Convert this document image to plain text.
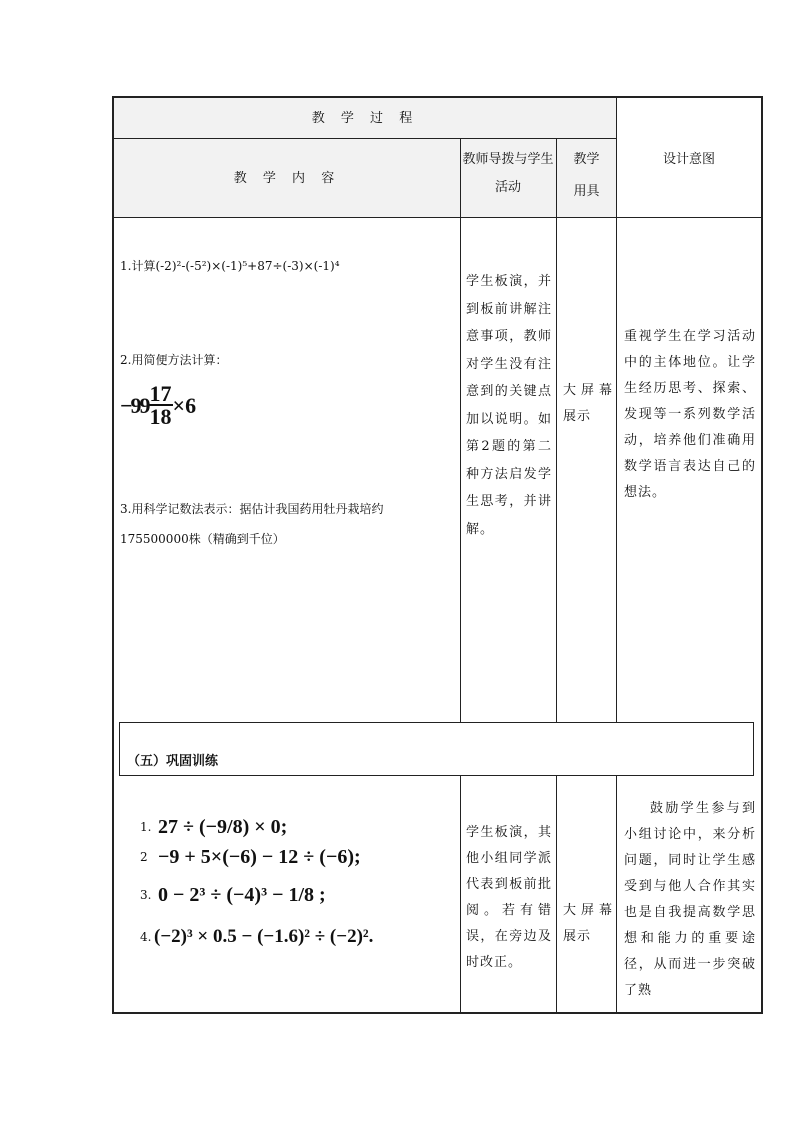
教 学 过 程
教 学 内 容
教师导拨与学生
活动
教学
用具
设计意图
1.计算(-2)²-(-5²)×(-1)⁵+87÷(-3)×(-1)⁴
2.用简便方法计算：
$-99 \frac{17}{18} \times 6$
3.用科学记数法表示：据估计我国药用牡丹栽培约
175500000株（精确到千位）
学生板演，并到板前讲解注意事项，教师对学生没有注意到的关键点加以说明。如第2题的第二种方法启发学生思考，并讲解。
大屏幕展示
重视学生在学习活动中的主体地位。让学生经历思考、探索、发现等一系列数学活动，培养他们准确用数学语言表达自己的想法。
（五）巩固训练
1. 27 ÷ (−9/8) × 0;
2 −9 + 5×(−6) − 12 ÷ (−6);
3. 0 − 2³ ÷ (−4)³ − 1/8 ;
4. (−2)³ × 0.5 − (−1.6)² ÷ (−2)².
学生板演，其他小组同学派代表到板前批阅。若有错误，在旁边及时改正。
大屏幕展示
鼓励学生参与到小组讨论中，来分析问题，同时让学生感受到与他人合作其实也是自我提高数学思想和能力的重要途径，从而进一步突破了熟
